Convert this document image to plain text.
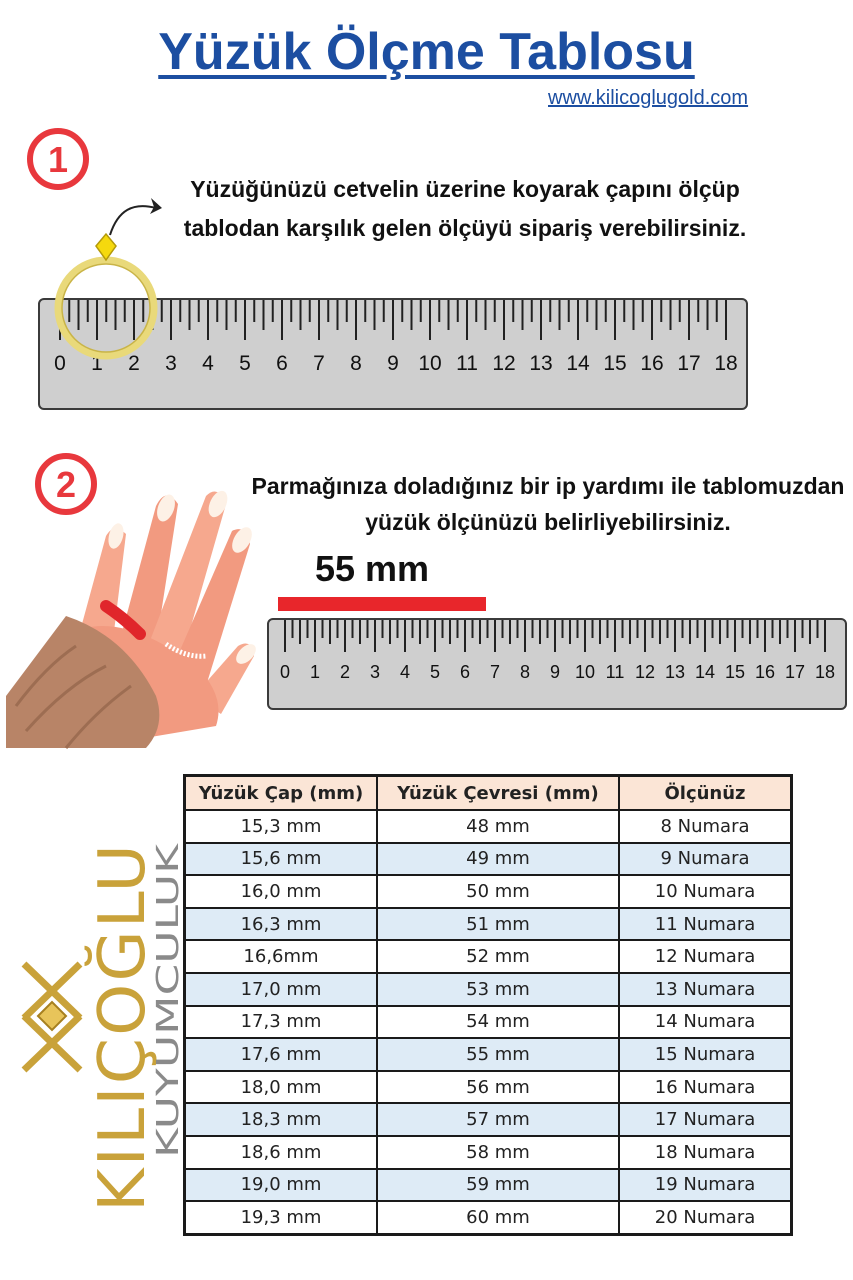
Yüzük Ölçme Tablosu
www.kilicoglugold.com
1
Yüzüğünüzü cetvelin üzerine koyarak çapını ölçüp tablodan karşılık gelen ölçüyü sipariş verebilirsiniz.
0 1 2 3 4 5 6 7 8 9 10 11 12 13 14 15 16 17 18
2	Parmağınıza doladığınız bir ip yardımı ile tablomuzdan yüzük ölçünüzü belirliyebilirsiniz.
55 mm
0 1 2 3 4 5 6 7 8 9 10 11 12 13 14 15 16 17 18
Yüzük Çap (mm)	Yüzük Çevresi (mm)	Ölçünüz
15,3 mm	48 mm	8 Numara
15,6 mm	49 mm	9 Numara
16,0 mm	50 mm	10 Numara
16,3 mm	51 mm	11 Numara
16,6mm	52 mm	12 Numara
17,0 mm	53 mm	13 Numara
17,3 mm	54 mm	14 Numara
17,6 mm	55 mm	15 Numara
18,0 mm	56 mm	16 Numara
18,3 mm	57 mm	17 Numara
18,6 mm	58 mm	18 Numara
19,0 mm	59 mm	19 Numara
19,3 mm	60 mm	20 Numara
KILIÇOĞLU
KUYUMCULUK
